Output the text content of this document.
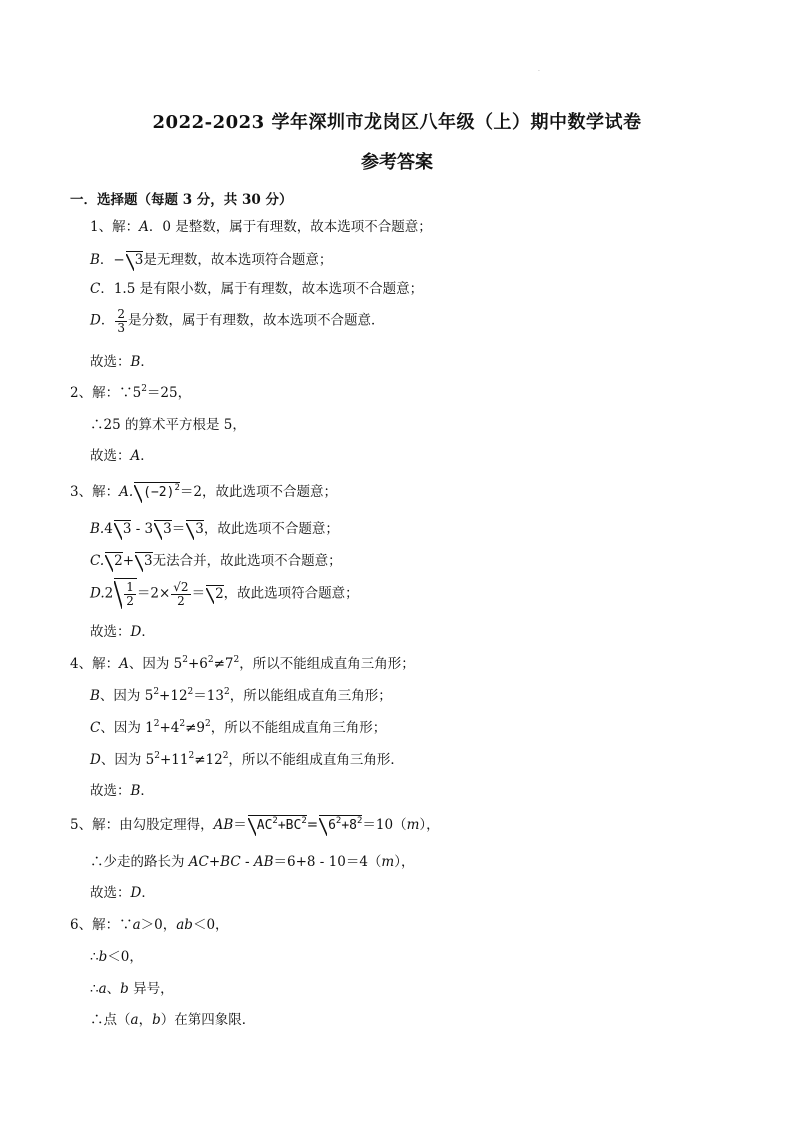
·
2022-2023 学年深圳市龙岗区八年级（上）期中数学试卷
参考答案
一．选择题（每题 3 分，共 30 分）
1、解：A．0 是整数，属于有理数，故本选项不合题意；
B．− 3是无理数，故本选项符合题意；
C．1.5 是有限小数，属于有理数，故本选项不合题意；
D． $\frac{2}{3}$ 是分数，属于有理数，故本选项不合题意．
故选：B．
2、解：$\because 5^2=25$，
∴25 的算术平方根是 5，
故选：A．
3、解：A. $(-2)^2=2$，故此选项不合题意；
B.4 3 - 3 3＝ 3，故此选项不合题意；
C. 2+ 3无法合并，故此选项不合题意；
$D.2 \frac{1}{2} =2\times \frac{√2}{2} = 2$，故此选项符合题意；
故选：D．
4、解：A、因为 $5^2+6^2\ne 7^2$，所以不能组成直角三角形；
B、因为 $5^2+12^2=13^2$，所以能组成直角三角形；
C、因为 $1^2+4^2\ne 9^2$，所以不能组成直角三角形；
D、因为 $5^2+11^2\ne 12^2$，所以不能组成直角三角形．
故选：B．
5、解：由勾股定理得，$AB= AC^2+BC^2= 6^2+8^2=10(m)$，
∴少走的路长为 AC+BC - AB＝6+8 - 10＝4（m），
故选：D．
6、解：∵a＞0，ab＜0，
∴b＜0，
∴a、b 异号，
∴点（a，b）在第四象限．
